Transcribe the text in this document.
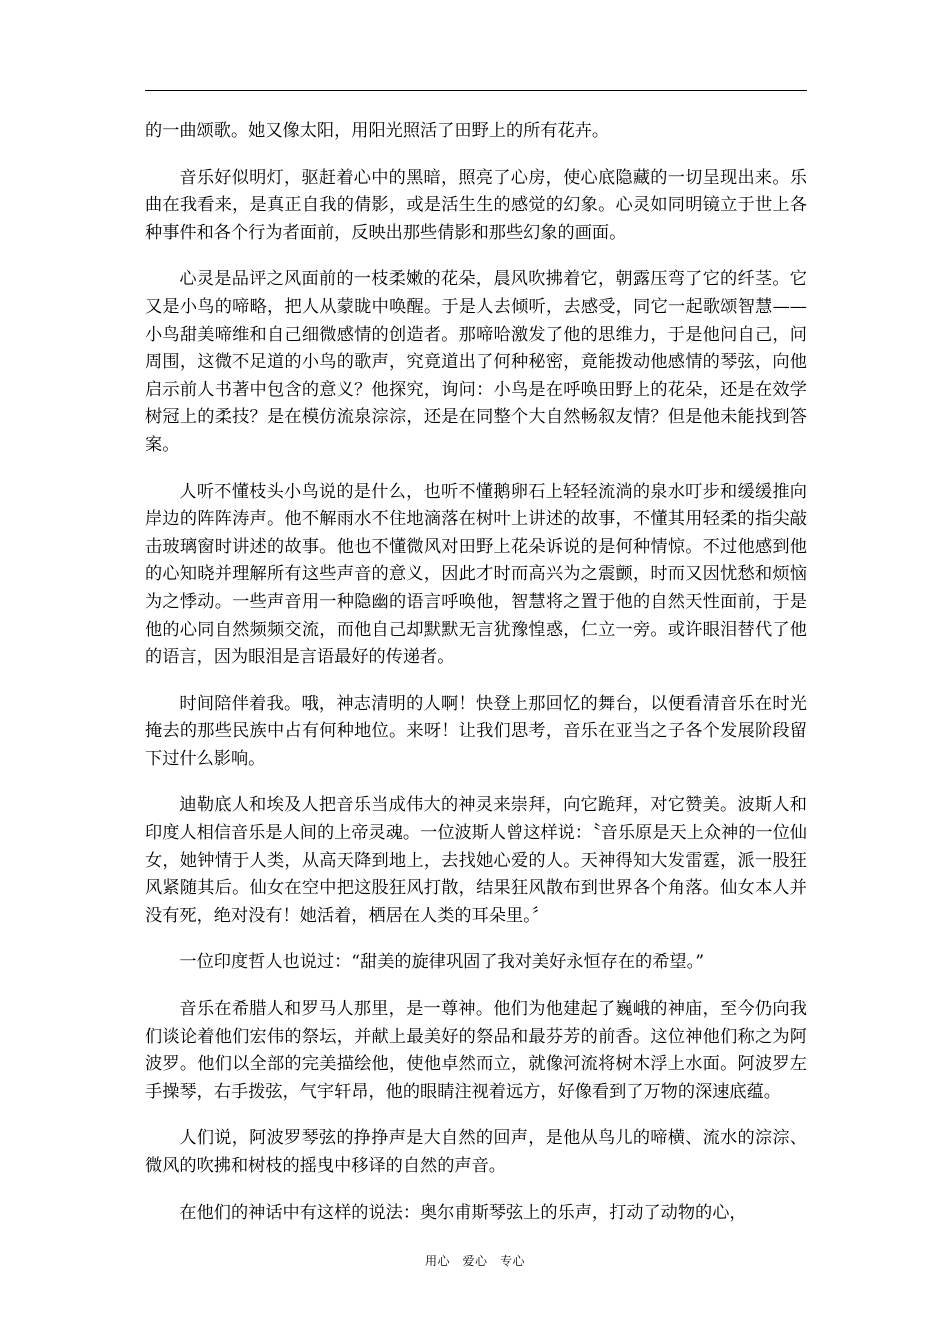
的一曲颂歌。她又像太阳，用阳光照活了田野上的所有花卉。

音乐好似明灯，驱赶着心中的黑暗，照亮了心房，使心底隐藏的一切呈现出来。乐曲在我看来，是真正自我的倩影，或是活生生的感觉的幻象。心灵如同明镜立于世上各种事件和各个行为者面前，反映出那些倩影和那些幻象的画面。

心灵是品评之风面前的一枝柔嫩的花朵，晨风吹拂着它，朝露压弯了它的纤茎。它又是小鸟的啼略，把人从蒙眬中唤醒。于是人去倾听，去感受，同它一起歌颂智慧——小鸟甜美啼维和自己细微感情的创造者。那啼哈激发了他的思维力，于是他问自己，问周围，这微不足道的小鸟的歌声，究竟道出了何种秘密，竟能拨动他感情的琴弦，向他启示前人书著中包含的意义？他探究，询问：小鸟是在呼唤田野上的花朵，还是在效学树冠上的柔技？是在模仿流泉淙淙，还是在同整个大自然畅叙友情？但是他未能找到答案。

人听不懂枝头小鸟说的是什么，也听不懂鹅卵石上轻轻流淌的泉水叮步和缓缓推向岸边的阵阵涛声。他不解雨水不住地滴落在树叶上讲述的故事，不懂其用轻柔的指尖敲击玻璃窗时讲述的故事。他也不懂微风对田野上花朵诉说的是何种情惊。不过他感到他的心知晓并理解所有这些声音的意义，因此才时而高兴为之震颤，时而又因忧愁和烦恼为之悸动。一些声音用一种隐幽的语言呼唤他，智慧将之置于他的自然天性面前，于是他的心同自然频频交流，而他自己却默默无言犹豫惶惑，仁立一旁。或许眼泪替代了他的语言，因为眼泪是言语最好的传递者。

时间陪伴着我。哦，神志清明的人啊！快登上那回忆的舞台，以便看清音乐在时光掩去的那些民族中占有何种地位。来呀！让我们思考，音乐在亚当之子各个发展阶段留下过什么影响。

迪勒底人和埃及人把音乐当成伟大的神灵来崇拜，向它跪拜，对它赞美。波斯人和印度人相信音乐是人间的上帝灵魂。一位波斯人曾这样说：〝音乐原是天上众神的一位仙女，她钟情于人类，从高天降到地上，去找她心爱的人。天神得知大发雷霆，派一股狂风紧随其后。仙女在空中把这股狂风打散，结果狂风散布到世界各个角落。仙女本人并没有死，绝对没有！她活着，栖居在人类的耳朵里。〞

一位印度哲人也说过：“甜美的旋律巩固了我对美好永恒存在的希望。”

音乐在希腊人和罗马人那里，是一尊神。他们为他建起了巍峨的神庙，至今仍向我们谈论着他们宏伟的祭坛，并献上最美好的祭品和最芬芳的前香。这位神他们称之为阿波罗。他们以全部的完美描绘他，使他卓然而立，就像河流将树木浮上水面。阿波罗左手操琴，右手拨弦，气宇轩昂，他的眼睛注视着远方，好像看到了万物的深速底蕴。

人们说，阿波罗琴弦的挣挣声是大自然的回声，是他从鸟儿的啼横、流水的淙淙、微风的吹拂和树枝的摇曳中移译的自然的声音。

在他们的神话中有这样的说法：奥尔甫斯琴弦上的乐声，打动了动物的心，

用心　爱心　专心
